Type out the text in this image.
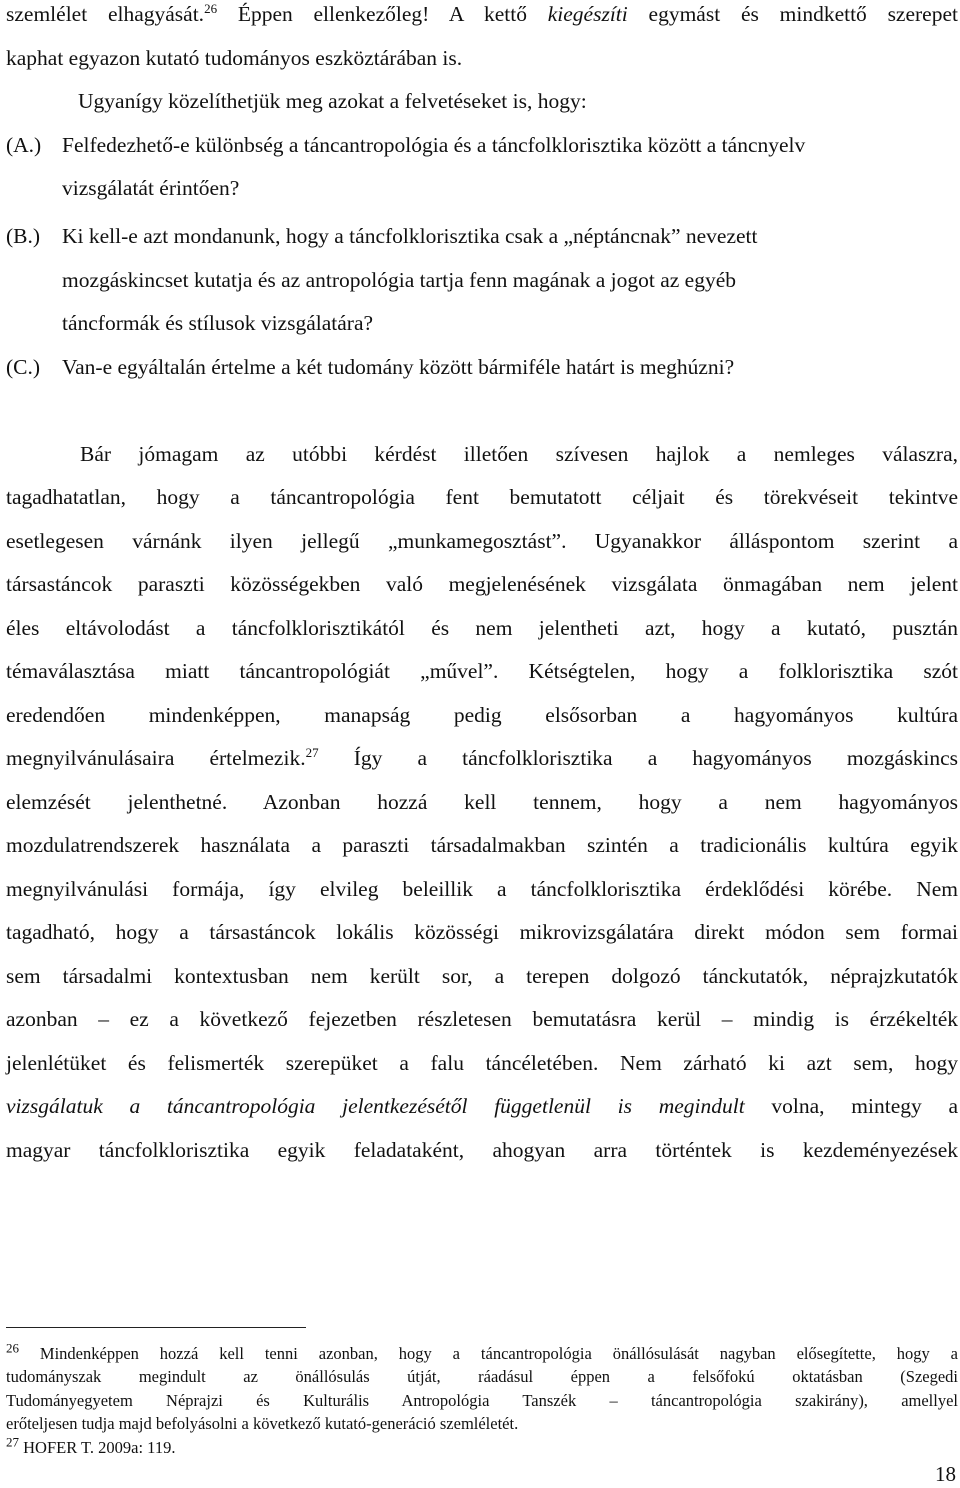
szemlélet elhagyását.$^{26}$ Éppen ellenkezőleg! A kettő kiegészíti egymást és mindkettő szerepet
kaphat egyazon kutató tudományos eszköztárában is.
Ugyanígy közelíthetjük meg azokat a felvetéseket is, hogy:
(A.) Felfedezhető-e különbség a táncantropológia és a táncfolklorisztika között a táncnyelv
vizsgálatát érintően?
(B.)	Ki kell-e azt mondanunk, hogy a táncfolklorisztika csak a „néptáncnak” nevezett
mozgáskincset kutatja és az antropológia tartja fenn magának a jogot az egyéb
táncformák és stílusok vizsgálatára?
(C.)	Van-e egyáltalán értelme a két tudomány között bármiféle határt is meghúzni?
Bár jómagam az utóbbi kérdést illetően szívesen hajlok a nemleges válaszra,
tagadhatatlan, hogy a táncantropológia fent bemutatott céljait és törekvéseit tekintve
esetlegesen várnánk ilyen jellegű „munkamegosztást”. Ugyanakkor álláspontom szerint a
társastáncok paraszti közösségekben való megjelenésének vizsgálata önmagában nem jelent
éles eltávolodást a táncfolklorisztikától és nem jelentheti azt, hogy a kutató, pusztán
témaválasztása miatt táncantropológiát „művel”. Kétségtelen, hogy a folklorisztika szót
eredendően mindenképpen, manapság pedig elsősorban a hagyományos kultúra
megnyilvánulásaira értelmezik.$^{27}$ Így a táncfolklorisztika a hagyományos mozgáskincs
elemzését jelenthetné. Azonban hozzá kell tennem, hogy a nem hagyományos
mozdulatrendszerek használata a paraszti társadalmakban szintén a tradicionális kultúra egyik
megnyilvánulási formája, így elvileg beleillik a táncfolklorisztika érdeklődési körébe. Nem
tagadható, hogy a társastáncok lokális közösségi mikrovizsgálatára direkt módon sem formai
sem társadalmi kontextusban nem került sor, a terepen dolgozó tánckutatók, néprajzkutatók
azonban – ez a következő fejezetben részletesen bemutatásra kerül – mindig is érzékelték
jelenlétüket és felismerték szerepüket a falu táncéletében. Nem zárható ki azt sem, hogy
vizsgálatuk a táncantropológia jelentkezésétől függetlenül is megindult volna, mintegy a
magyar táncfolklorisztika egyik feladataként, ahogyan arra történtek is kezdeményezések
$^{26}$ Mindenképpen hozzá kell tenni azonban, hogy a táncantropológia önállósulását nagyban elősegítette, hogy a
tudományszak megindult az önállósulás útját, ráadásul éppen a felsőfokú oktatásban (Szegedi
Tudományegyetem Néprajzi és Kulturális Antropológia Tanszék – táncantropológia szakirány), amellyel
erőteljesen tudja majd befolyásolni a következő kutató-generáció szemléletét.
$^{27}$ HOFER T. 2009a: 119.
18
